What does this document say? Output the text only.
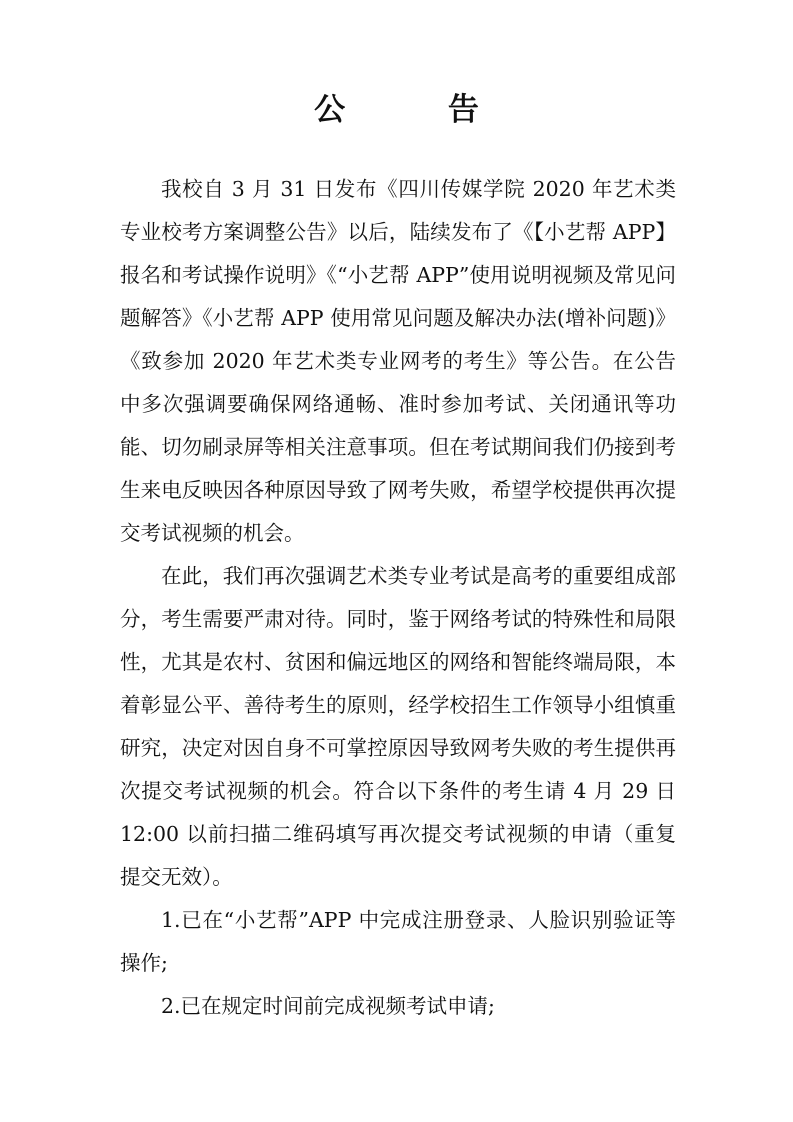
公 告

我校自 3 月 31 日发布《四川传媒学院 2020 年艺术类专业校考方案调整公告》以后，陆续发布了《【小艺帮 APP】报名和考试操作说明》《“小艺帮 APP”使用说明视频及常见问题解答》《小艺帮 APP 使用常见问题及解决办法(增补问题)》《致参加 2020 年艺术类专业网考的考生》等公告。在公告中多次强调要确保网络通畅、准时参加考试、关闭通讯等功能、切勿刷录屏等相关注意事项。但在考试期间我们仍接到考生来电反映因各种原因导致了网考失败，希望学校提供再次提交考试视频的机会。

在此，我们再次强调艺术类专业考试是高考的重要组成部分，考生需要严肃对待。同时，鉴于网络考试的特殊性和局限性，尤其是农村、贫困和偏远地区的网络和智能终端局限，本着彰显公平、善待考生的原则，经学校招生工作领导小组慎重研究，决定对因自身不可掌控原因导致网考失败的考生提供再次提交考试视频的机会。符合以下条件的考生请 4 月 29 日 12:00 以前扫描二维码填写再次提交考试视频的申请（重复提交无效）。

1.已在“小艺帮”APP 中完成注册登录、人脸识别验证等操作;

2.已在规定时间前完成视频考试申请;
